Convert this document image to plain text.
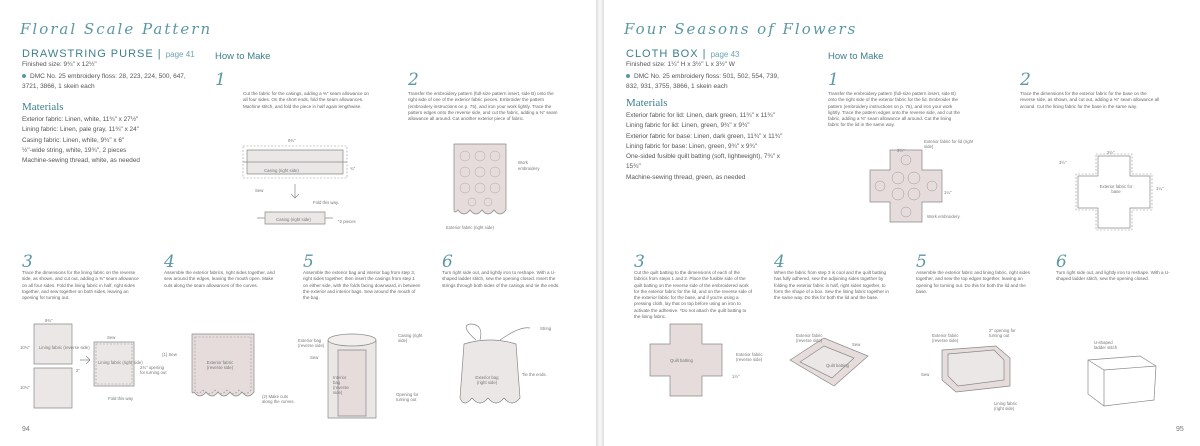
Floral Scale Pattern
DRAWSTRING PURSE | page 41
Finished size: 9¾" x 12½"
DMC No. 25 embroidery floss: 28, 223, 224, 500, 647, 3721, 3866, 1 skein each
Materials
Exterior fabric: Linen, white, 11¾" x 27½"
Lining fabric: Linen, pale gray, 11¾" x 24"
Casing fabric: Linen, white, 9¾" x 6"
½"-wide string, white, 19¾", 2 pieces
Machine-sewing thread, white, as needed
How to Make
1
Cut the fabric for the casings, adding a ⅜" seam allowance on all four sides. On the short ends, fold the seam allowances. Machine stitch, and fold the piece in half again lengthwise.
2
Transfer the embroidery pattern (full-size pattern insert, side B) onto the right side of one of the exterior fabric pieces. Embroider the pattern (embroidery instructions on p. 75), and iron your work lightly. Trace the pattern edges onto the reverse side, and cut the fabric, adding a ⅜" seam allowance all around. Cut another exterior piece of fabric.
3
Trace the dimensions for the lining fabric on the reverse side, as shown, and cut out, adding a ⅜" seam allowance on all four sides. Fold the lining fabric in half, right sides together, and sew together on both sides, leaving an opening for turning out.
4
Assemble the exterior fabrics, right sides together, and sew around the edges, leaving the mouth open. Make cuts along the seam allowances of the curves.
5
Assemble the exterior bag and interior bag from step 3, right sides together; then insert the casings from step 1 on either side, with the folds facing downward, in between the exterior and interior bags. Sew around the mouth of the bag.
6
Turn right side out, and lightly iron to reshape. With a U-shaped ladder stitch, sew the opening closed. Insert the strings through both sides of the casings and tie the ends.
9¾"
Casing (right side)
Sew
Fold this way.
Casing (right side)	*2 pieces
¾"
Work
embroidery
Exterior fabric (right side)
9¾"
Lining fabric (reverse side)
10¾"
10¾"
2"
Sew
Lining fabric (right side)
2¾" opening for turning out
Fold this way
(1) Sew
Exterior fabric (reverse side)
(2) Make cuts along the curves.
Exterior bag (reverse side)
Sew
Casing (right side)
Interior bag (reverse side)	Opening for turning out
String
Exterior bag (right side)
Tie the ends.
94
Four Seasons of Flowers
CLOTH BOX | page 43
Finished size: 1¼" H x 3½" L x 3½" W
DMC No. 25 embroidery floss: 501, 502, 554, 739, 832, 931, 3755, 3866, 1 skein each
Materials
Exterior fabric for lid: Linen, dark green, 11¾" x 11¾"
Lining fabric for lid: Linen, green, 9¾" x 9¾"
Exterior fabric for base: Linen, dark green, 11¾" x 11¾"
Lining fabric for base: Linen, green, 9¾" x 9¾"
One-sided fusible quilt batting (soft, lightweight), 7¾" x 15¾"
Machine-sewing thread, green, as needed
How to Make
1
Transfer the embroidery pattern (full-size pattern insert, side B) onto the right side of the exterior fabric for the lid. Embroider the pattern (embroidery instructions on p. 75), and iron your work lightly. Trace the pattern edges onto the reverse side, and cut the fabric, adding a ⅜" seam allowance all around. Cut the lining fabric for the lid in the same way.
2
Trace the dimensions for the exterior fabric for the base on the reverse side, as shown, and cut out, adding a ⅜" seam allowance all around. Cut the lining fabric for the base in the same way.
3
Cut the quilt batting to the dimensions of each of the fabrics from steps 1 and 2. Place the fusible side of the quilt batting on the reverse side of the embroidered work for the exterior fabric for the lid, and on the reverse side of the exterior fabric for the base, and if you're using a pressing cloth, lay that on top before using an iron to activate the adhesive. *Do not attach the quilt batting to the lining fabric.
4
When the fabric from step 3 is cool and the quilt batting has fully adhered, sew the adjoining sides together by folding the exterior fabric in half, right sides together, to form the shape of a box. Sew the lining fabric together in the same way. Do this for both the lid and the base.
5
Assemble the exterior fabric and lining fabric, right sides together, and sew the top edges together, leaving an opening for turning out. Do this for both the lid and the base.
6
Turn right side out, and lightly iron to reshape. With a U-shaped ladder stitch, sew the opening closed.
3½"
1¼"
Exterior fabric for lid (right side)
Work embroidery.
3½"
3½"
Exterior fabric for base
1¼"
Quilt batting
Exterior fabric (reverse side)
1½"
Exterior fabric (reverse side)
Quilt batting
Sew
Exterior fabric (reverse side)
2" opening for turning out
Sew
Lining fabric (right side)
U-shaped ladder stitch
95
